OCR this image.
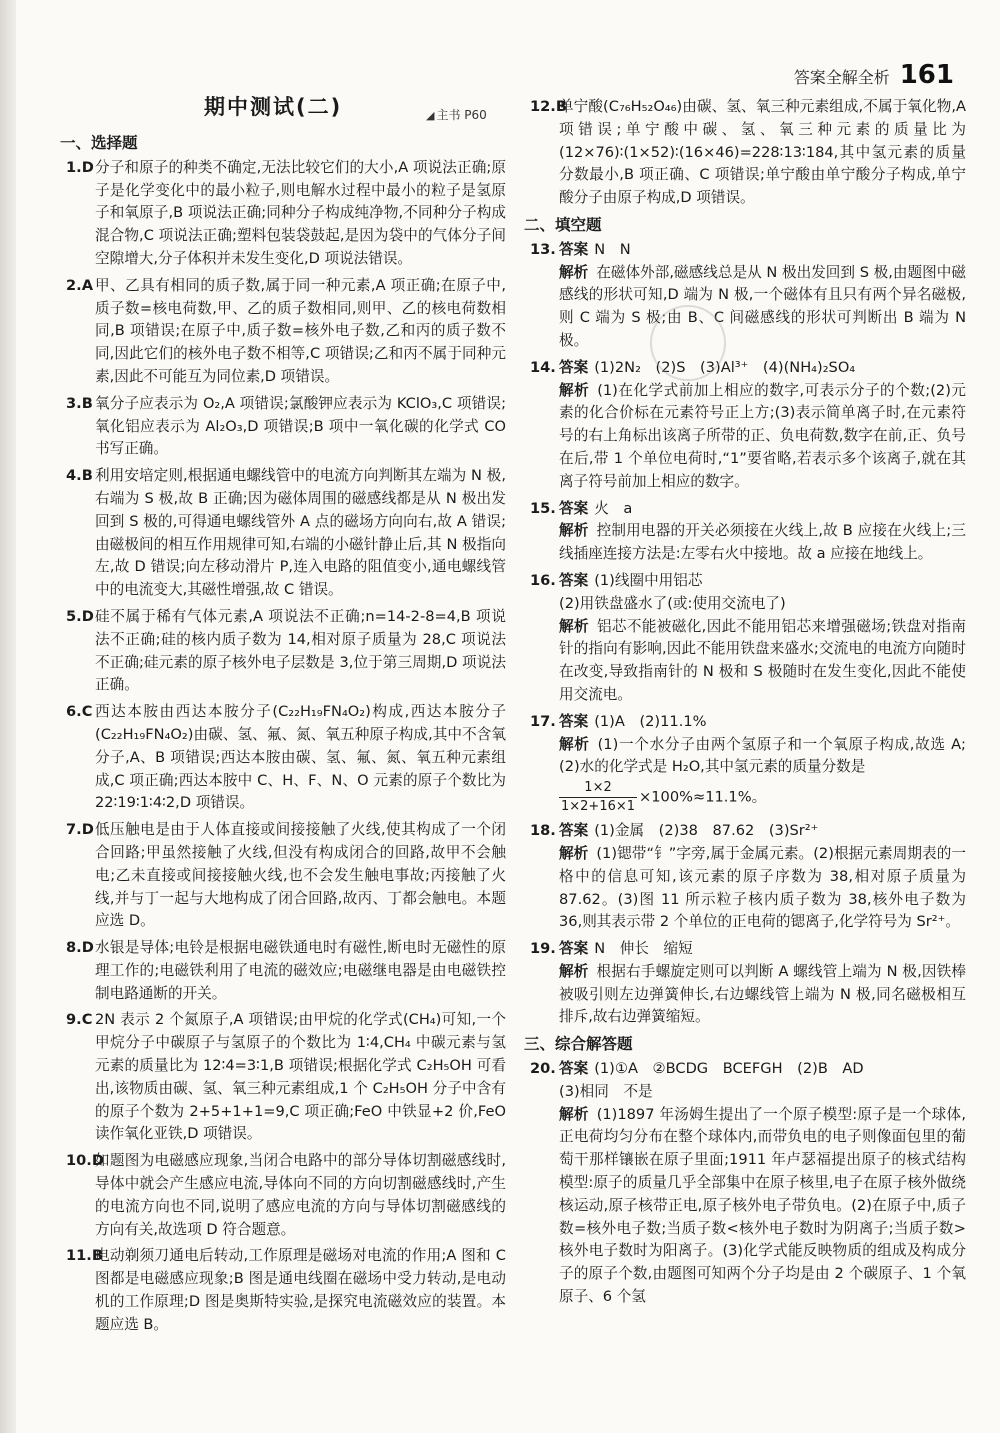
答案全解全析 161
期中测试(二)	◢ 主书 P60
一、选择题
1.D 分子和原子的种类不确定,无法比较它们的大小,A 项说法正确;原子是化学变化中的最小粒子,则电解水过程中最小的粒子是氢原子和氧原子,B 项说法正确;同种分子构成纯净物,不同种分子构成混合物,C 项说法正确;塑料包装袋鼓起,是因为袋中的气体分子间空隙增大,分子体积并未发生变化,D 项说法错误。
2.A 甲、乙具有相同的质子数,属于同一种元素,A 项正确;在原子中,质子数=核电荷数,甲、乙的质子数相同,则甲、乙的核电荷数相同,B 项错误;在原子中,质子数=核外电子数,乙和丙的质子数不同,因此它们的核外电子数不相等,C 项错误;乙和丙不属于同种元素,因此不可能互为同位素,D 项错误。
3.B 氧分子应表示为 O₂,A 项错误;氯酸钾应表示为 KClO₃,C 项错误;氧化铝应表示为 Al₂O₃,D 项错误;B 项中一氧化碳的化学式 CO 书写正确。
4.B 利用安培定则,根据通电螺线管中的电流方向判断其左端为 N 极,右端为 S 极,故 B 正确;因为磁体周围的磁感线都是从 N 极出发回到 S 极的,可得通电螺线管外 A 点的磁场方向向右,故 A 错误;由磁极间的相互作用规律可知,右端的小磁针静止后,其 N 极指向左,故 D 错误;向左移动滑片 P,连入电路的阻值变小,通电螺线管中的电流变大,其磁性增强,故 C 错误。
5.D 硅不属于稀有气体元素,A 项说法不正确;n=14-2-8=4,B 项说法不正确;硅的核内质子数为 14,相对原子质量为 28,C 项说法不正确;硅元素的原子核外电子层数是 3,位于第三周期,D 项说法正确。
6.C 西达本胺由西达本胺分子(C₂₂H₁₉FN₄O₂)构成,西达本胺分子(C₂₂H₁₉FN₄O₂)由碳、氢、氟、氮、氧五种原子构成,其中不含氧分子,A、B 项错误;西达本胺由碳、氢、氟、氮、氧五种元素组成,C 项正确;西达本胺中 C、H、F、N、O 元素的原子个数比为 22∶19∶1∶4∶2,D 项错误。
7.D 低压触电是由于人体直接或间接接触了火线,使其构成了一个闭合回路;甲虽然接触了火线,但没有构成闭合的回路,故甲不会触电;乙未直接或间接接触火线,也不会发生触电事故;丙接触了火线,并与丁一起与大地构成了闭合回路,故丙、丁都会触电。本题应选 D。
8.D 水银是导体;电铃是根据电磁铁通电时有磁性,断电时无磁性的原理工作的;电磁铁利用了电流的磁效应;电磁继电器是由电磁铁控制电路通断的开关。
9.C 2N 表示 2 个氮原子,A 项错误;由甲烷的化学式(CH₄)可知,一个甲烷分子中碳原子与氢原子的个数比为 1∶4,CH₄ 中碳元素与氢元素的质量比为 12∶4=3∶1,B 项错误;根据化学式 C₂H₅OH 可看出,该物质由碳、氢、氧三种元素组成,1 个 C₂H₅OH 分子中含有的原子个数为 2+5+1+1=9,C 项正确;FeO 中铁显+2 价,FeO 读作氧化亚铁,D 项错误。
10.D
如题图为电磁感应现象,当闭合电路中的部分导体切割磁感线时,导体中就会产生感应电流,导体向不同的方向切割磁感线时,产生的电流方向也不同,说明了感应电流的方向与导体切割磁感线的方向有关,故选项 D 符合题意。
11.B
电动剃须刀通电后转动,工作原理是磁场对电流的作用;A 图和 C 图都是电磁感应现象;B 图是通电线圈在磁场中受力转动,是电动机的工作原理;D 图是奥斯特实验,是探究电流磁效应的装置。本题应选 B。
12.B
单宁酸(C₇₆H₅₂O₄₆)由碳、氢、氧三种元素组成,不属于氧化物,A 项错误;单宁酸中碳、氢、氧三种元素的质量比为 (12×76)∶(1×52)∶(16×46)=228∶13∶184,其中氢元素的质量分数最小,B 项正确、C 项错误;单宁酸由单宁酸分子构成,单宁酸分子由原子构成,D 项错误。
二、填空题
13. 答案 N　N
解析 在磁体外部,磁感线总是从 N 极出发回到 S 极,由题图中磁感线的形状可知,D 端为 N 极,一个磁体有且只有两个异名磁极,则 C 端为 S 极;由 B、C 间磁感线的形状可判断出 B 端为 N 极。
14. 答案 (1)2N₂　(2)S　(3)Al³⁺　(4)(NH₄)₂SO₄
解析 (1)在化学式前加上相应的数字,可表示分子的个数;(2)元素的化合价标在元素符号正上方;(3)表示简单离子时,在元素符号的右上角标出该离子所带的正、负电荷数,数字在前,正、负号在后,带 1 个单位电荷时,“1”要省略,若表示多个该离子,就在其离子符号前加上相应的数字。
15. 答案 火　a
解析 控制用电器的开关必须接在火线上,故 B 应接在火线上;三线插座连接方法是:左零右火中接地。故 a 应接在地线上。
16. 答案 (1)线圈中用铝芯
(2)用铁盘盛水了(或:使用交流电了)
解析 铝芯不能被磁化,因此不能用铝芯来增强磁场;铁盘对指南针的指向有影响,因此不能用铁盘来盛水;交流电的电流方向随时在改变,导致指南针的 N 极和 S 极随时在发生变化,因此不能使用交流电。
17. 答案 (1)A　(2)11.1%
解析 (1)一个水分子由两个氢原子和一个氧原子构成,故选 A;(2)水的化学式是 H₂O,其中氢元素的质量分数是
$\frac{1\times 2}{1\times 2+16\times 1} \times 100\%\approx 11.1\%$。
18. 答案 (1)金属　(2)38　87.62　(3)Sr²⁺
解析 (1)锶带“钅”字旁,属于金属元素。(2)根据元素周期表的一格中的信息可知,该元素的原子序数为 38,相对原子质量为 87.62。(3)图 11 所示粒子核内质子数为 38,核外电子数为 36,则其表示带 2 个单位的正电荷的锶离子,化学符号为 Sr²⁺。
19. 答案 N　伸长　缩短
解析 根据右手螺旋定则可以判断 A 螺线管上端为 N 极,因铁棒被吸引则左边弹簧伸长,右边螺线管上端为 N 极,同名磁极相互排斥,故右边弹簧缩短。
三、综合解答题
20. 答案 (1)①A　②BCDG　BCEFGH　(2)B　AD
(3)相同　不是
解析 (1)1897 年汤姆生提出了一个原子模型:原子是一个球体,正电荷均匀分布在整个球体内,而带负电的电子则像面包里的葡萄干那样镶嵌在原子里面;1911 年卢瑟福提出原子的核式结构模型:原子的质量几乎全部集中在原子核里,电子在原子核外做绕核运动,原子核带正电,原子核外电子带负电。(2)在原子中,质子数=核外电子数;当质子数<核外电子数时为阴离子;当质子数>核外电子数时为阳离子。(3)化学式能反映物质的组成及构成分子的原子个数,由题图可知两个分子均是由 2 个碳原子、1 个氧原子、6 个氢
